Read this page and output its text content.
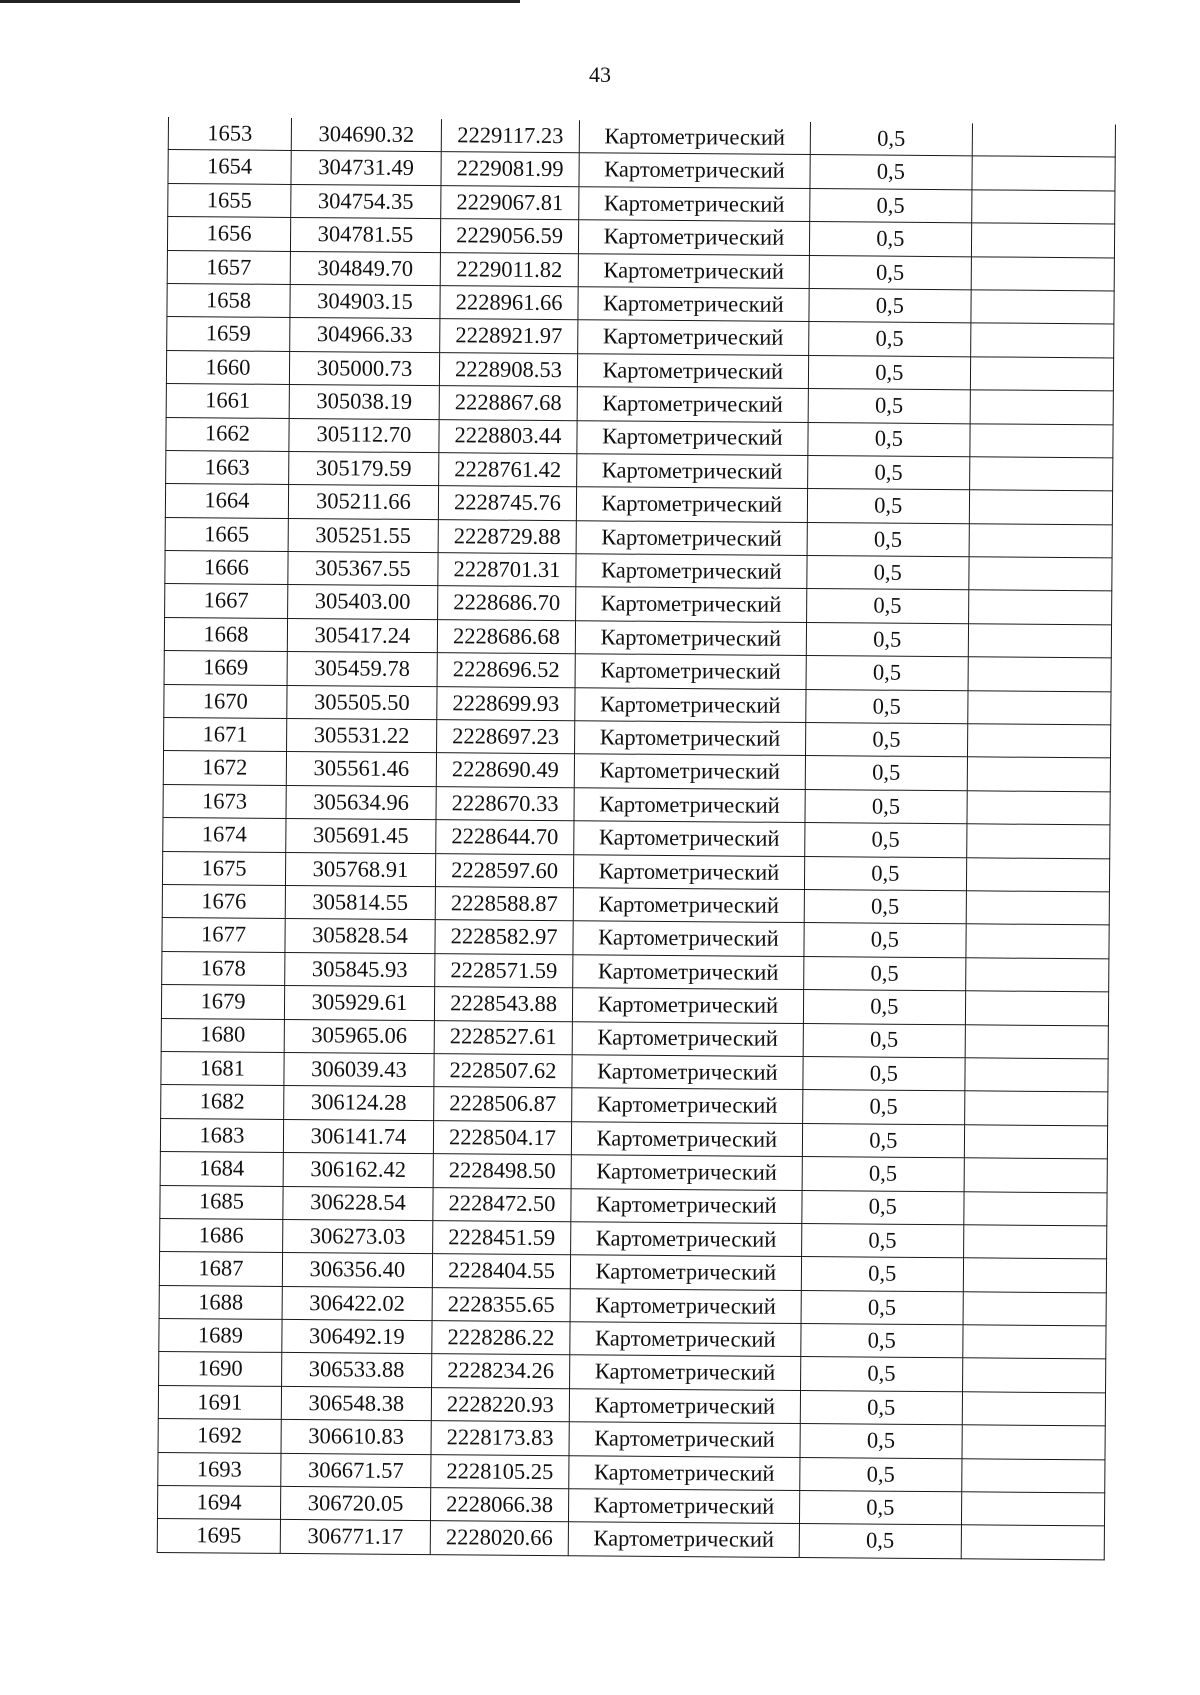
43
1653	304690.32	2229117.23	Картометрический	0,5	
1654	304731.49	2229081.99	Картометрический	0,5	
1655	304754.35	2229067.81	Картометрический	0,5	
1656	304781.55	2229056.59	Картометрический	0,5	
1657	304849.70	2229011.82	Картометрический	0,5	
1658	304903.15	2228961.66	Картометрический	0,5	
1659	304966.33	2228921.97	Картометрический	0,5	
1660	305000.73	2228908.53	Картометрический	0,5	
1661	305038.19	2228867.68	Картометрический	0,5	
1662	305112.70	2228803.44	Картометрический	0,5	
1663	305179.59	2228761.42	Картометрический	0,5	
1664	305211.66	2228745.76	Картометрический	0,5	
1665	305251.55	2228729.88	Картометрический	0,5	
1666	305367.55	2228701.31	Картометрический	0,5	
1667	305403.00	2228686.70	Картометрический	0,5	
1668	305417.24	2228686.68	Картометрический	0,5	
1669	305459.78	2228696.52	Картометрический	0,5	
1670	305505.50	2228699.93	Картометрический	0,5	
1671	305531.22	2228697.23	Картометрический	0,5	
1672	305561.46	2228690.49	Картометрический	0,5	
1673	305634.96	2228670.33	Картометрический	0,5	
1674	305691.45	2228644.70	Картометрический	0,5	
1675	305768.91	2228597.60	Картометрический	0,5	
1676	305814.55	2228588.87	Картометрический	0,5	
1677	305828.54	2228582.97	Картометрический	0,5	
1678	305845.93	2228571.59	Картометрический	0,5	
1679	305929.61	2228543.88	Картометрический	0,5	
1680	305965.06	2228527.61	Картометрический	0,5	
1681	306039.43	2228507.62	Картометрический	0,5	
1682	306124.28	2228506.87	Картометрический	0,5	
1683	306141.74	2228504.17	Картометрический	0,5	
1684	306162.42	2228498.50	Картометрический	0,5	
1685	306228.54	2228472.50	Картометрический	0,5	
1686	306273.03	2228451.59	Картометрический	0,5	
1687	306356.40	2228404.55	Картометрический	0,5	
1688	306422.02	2228355.65	Картометрический	0,5	
1689	306492.19	2228286.22	Картометрический	0,5	
1690	306533.88	2228234.26	Картометрический	0,5	
1691	306548.38	2228220.93	Картометрический	0,5	
1692	306610.83	2228173.83	Картометрический	0,5	
1693	306671.57	2228105.25	Картометрический	0,5	
1694	306720.05	2228066.38	Картометрический	0,5	
1695	306771.17	2228020.66	Картометрический	0,5	
